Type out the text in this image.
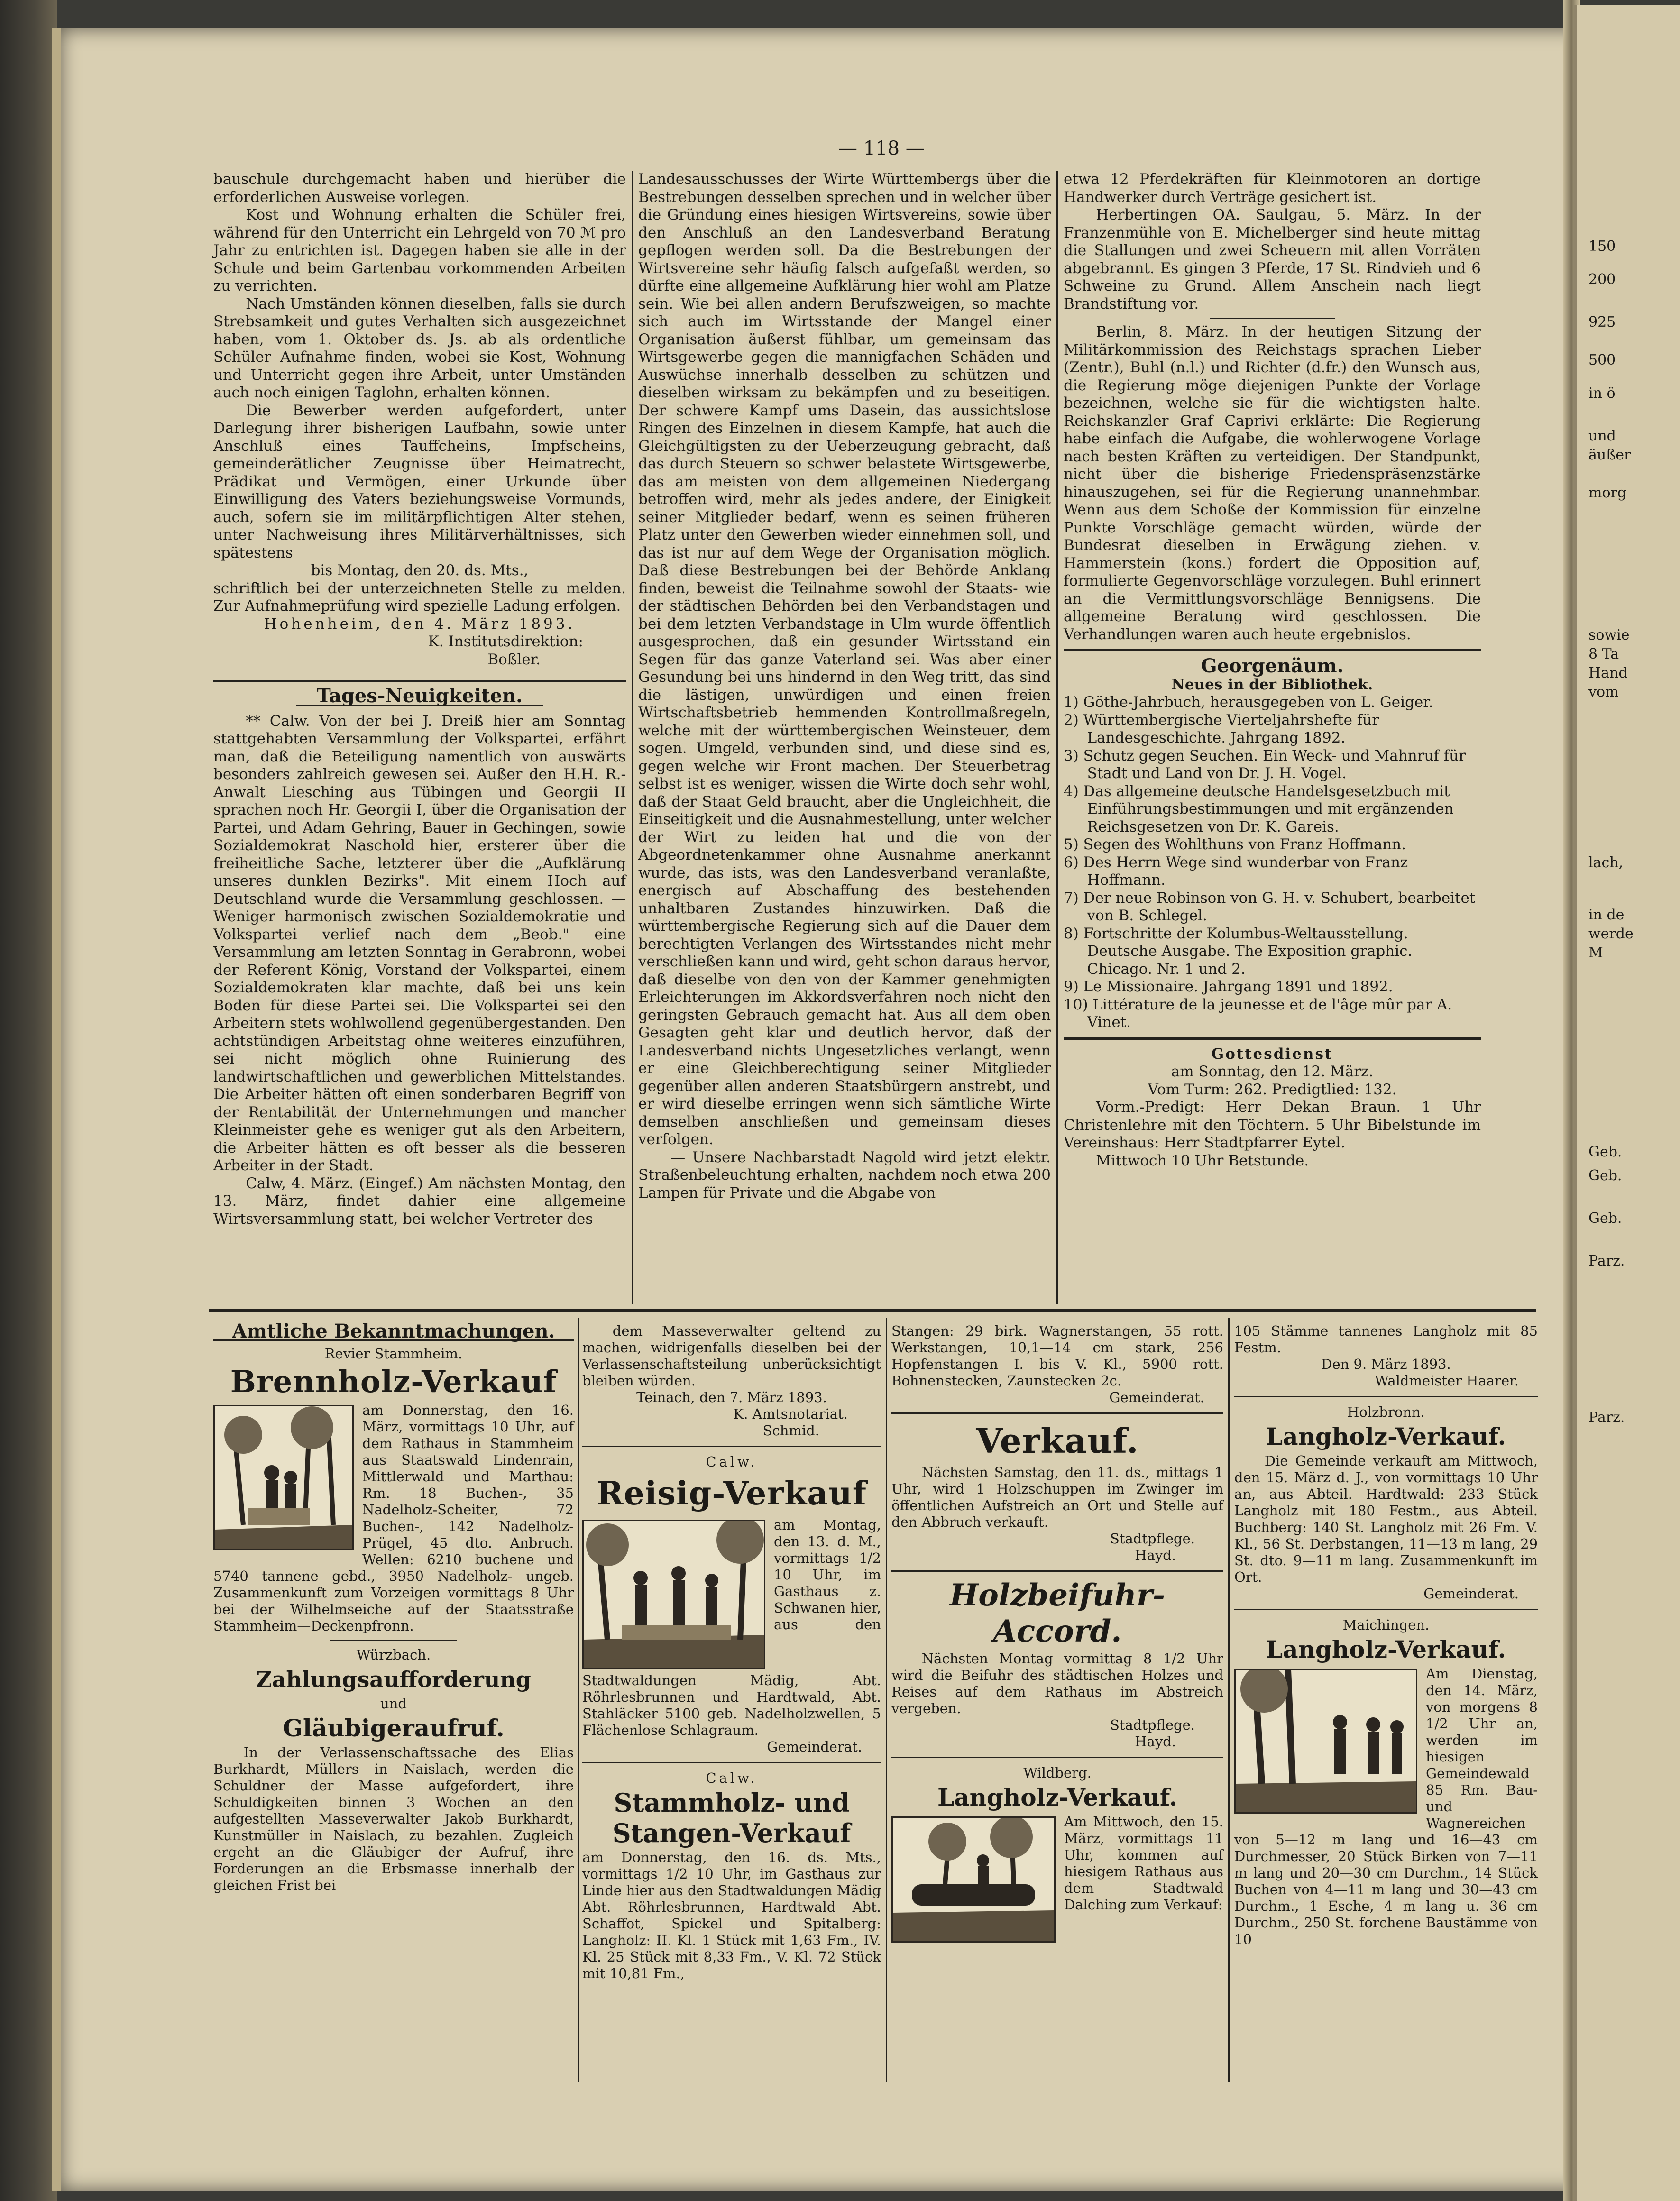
— 118 —

bauschule durchgemacht haben und hierüber die erforderlichen Ausweise vorlegen.

Kost und Wohnung erhalten die Schüler frei, während für den Unterricht ein Lehrgeld von 70 ℳ pro Jahr zu entrichten ist. Dagegen haben sie alle in der Schule und beim Gartenbau vorkommenden Arbeiten zu verrichten.

Nach Umständen können dieselben, falls sie durch Strebsamkeit und gutes Verhalten sich ausgezeichnet haben, vom 1. Oktober ds. Js. ab als ordentliche Schüler Aufnahme finden, wobei sie Kost, Wohnung und Unterricht gegen ihre Arbeit, unter Umständen auch noch einigen Taglohn, erhalten können.

Die Bewerber werden aufgefordert, unter Darlegung ihrer bisherigen Laufbahn, sowie unter Anschluß eines Tauffcheins, Impfscheins, gemeinderätlicher Zeugnisse über Heimatrecht, Prädikat und Vermögen, einer Urkunde über Einwilligung des Vaters beziehungsweise Vormunds, auch, sofern sie im militärpflichtigen Alter stehen, unter Nachweisung ihres Militärverhältnisses, sich spätestens

bis Montag, den 20. ds. Mts.,

schriftlich bei der unterzeichneten Stelle zu melden. Zur Aufnahmeprüfung wird spezielle Ladung erfolgen.

Hohenheim, den 4. März 1893.

K. Institutsdirektion:

Boßler.

Tages-Neuigkeiten.

** Calw. Von der bei J. Dreiß hier am Sonntag stattgehabten Versammlung der Volkspartei, erfährt man, daß die Beteiligung namentlich von auswärts besonders zahlreich gewesen sei. Außer den H.H. R.-Anwalt Liesching aus Tübingen und Georgii II sprachen noch Hr. Georgii I, über die Organisation der Partei, und Adam Gehring, Bauer in Gechingen, sowie Sozialdemokrat Naschold hier, ersterer über die freiheitliche Sache, letzterer über die „Aufklärung unseres dunklen Bezirks". Mit einem Hoch auf Deutschland wurde die Versammlung geschlossen. — Weniger harmonisch zwischen Sozialdemokratie und Volkspartei verlief nach dem „Beob." eine Versammlung am letzten Sonntag in Gerabronn, wobei der Referent König, Vorstand der Volkspartei, einem Sozialdemokraten klar machte, daß bei uns kein Boden für diese Partei sei. Die Volkspartei sei den Arbeitern stets wohlwollend gegenübergestanden. Den achtstündigen Arbeitstag ohne weiteres einzuführen, sei nicht möglich ohne Ruinierung des landwirtschaftlichen und gewerblichen Mittelstandes. Die Arbeiter hätten oft einen sonderbaren Begriff von der Rentabilität der Unternehmungen und mancher Kleinmeister gehe es weniger gut als den Arbeitern, die Arbeiter hätten es oft besser als die besseren Arbeiter in der Stadt.

Calw, 4. März. (Eingef.) Am nächsten Montag, den 13. März, findet dahier eine allgemeine Wirtsversammlung statt, bei welcher Vertreter des

Landesausschusses der Wirte Württembergs über die Bestrebungen desselben sprechen und in welcher über die Gründung eines hiesigen Wirtsvereins, sowie über den Anschluß an den Landesverband Beratung gepflogen werden soll. Da die Bestrebungen der Wirtsvereine sehr häufig falsch aufgefaßt werden, so dürfte eine allgemeine Aufklärung hier wohl am Platze sein. Wie bei allen andern Berufszweigen, so machte sich auch im Wirtsstande der Mangel einer Organisation äußerst fühlbar, um gemeinsam das Wirtsgewerbe gegen die mannigfachen Schäden und Auswüchse innerhalb desselben zu schützen und dieselben wirksam zu bekämpfen und zu beseitigen. Der schwere Kampf ums Dasein, das aussichtslose Ringen des Einzelnen in diesem Kampfe, hat auch die Gleichgültigsten zu der Ueberzeugung gebracht, daß das durch Steuern so schwer belastete Wirtsgewerbe, das am meisten von dem allgemeinen Niedergang betroffen wird, mehr als jedes andere, der Einigkeit seiner Mitglieder bedarf, wenn es seinen früheren Platz unter den Gewerben wieder einnehmen soll, und das ist nur auf dem Wege der Organisation möglich. Daß diese Bestrebungen bei der Behörde Anklang finden, beweist die Teilnahme sowohl der Staats- wie der städtischen Behörden bei den Verbandstagen und bei dem letzten Verbandstage in Ulm wurde öffentlich ausgesprochen, daß ein gesunder Wirtsstand ein Segen für das ganze Vaterland sei. Was aber einer Gesundung bei uns hindernd in den Weg tritt, das sind die lästigen, unwürdigen und einen freien Wirtschaftsbetrieb hemmenden Kontrollmaßregeln, welche mit der württembergischen Weinsteuer, dem sogen. Umgeld, verbunden sind, und diese sind es, gegen welche wir Front machen. Der Steuerbetrag selbst ist es weniger, wissen die Wirte doch sehr wohl, daß der Staat Geld braucht, aber die Ungleichheit, die Einseitigkeit und die Ausnahmestellung, unter welcher der Wirt zu leiden hat und die von der Abgeordnetenkammer ohne Ausnahme anerkannt wurde, das ists, was den Landesverband veranlaßte, energisch auf Abschaffung des bestehenden unhaltbaren Zustandes hinzuwirken. Daß die württembergische Regierung sich auf die Dauer dem berechtigten Verlangen des Wirtsstandes nicht mehr verschließen kann und wird, geht schon daraus hervor, daß dieselbe von den von der Kammer genehmigten Erleichterungen im Akkordsverfahren noch nicht den geringsten Gebrauch gemacht hat. Aus all dem oben Gesagten geht klar und deutlich hervor, daß der Landesverband nichts Ungesetzliches verlangt, wenn er eine Gleichberechtigung seiner Mitglieder gegenüber allen anderen Staatsbürgern anstrebt, und er wird dieselbe erringen wenn sich sämtliche Wirte demselben anschließen und gemeinsam dieses verfolgen.

— Unsere Nachbarstadt Nagold wird jetzt elektr. Straßenbeleuchtung erhalten, nachdem noch etwa 200 Lampen für Private und die Abgabe von

etwa 12 Pferdekräften für Kleinmotoren an dortige Handwerker durch Verträge gesichert ist.

Herbertingen OA. Saulgau, 5. März. In der Franzenmühle von E. Michelberger sind heute mittag die Stallungen und zwei Scheuern mit allen Vorräten abgebrannt. Es gingen 3 Pferde, 17 St. Rindvieh und 6 Schweine zu Grund. Allem Anschein nach liegt Brandstiftung vor.

Berlin, 8. März. In der heutigen Sitzung der Militärkommission des Reichstags sprachen Lieber (Zentr.), Buhl (n.l.) und Richter (d.fr.) den Wunsch aus, die Regierung möge diejenigen Punkte der Vorlage bezeichnen, welche sie für die wichtigsten halte. Reichskanzler Graf Caprivi erklärte: Die Regierung habe einfach die Aufgabe, die wohlerwogene Vorlage nach besten Kräften zu verteidigen. Der Standpunkt, nicht über die bisherige Friedenspräsenzstärke hinauszugehen, sei für die Regierung unannehmbar. Wenn aus dem Schoße der Kommission für einzelne Punkte Vorschläge gemacht würden, würde der Bundesrat dieselben in Erwägung ziehen. v. Hammerstein (kons.) fordert die Opposition auf, formulierte Gegenvorschläge vorzulegen. Buhl erinnert an die Vermittlungsvorschläge Bennigsens. Die allgemeine Beratung wird geschlossen. Die Verhandlungen waren auch heute ergebnislos.

Georgenäum.
Neues in der Bibliothek.

1) Göthe-Jahrbuch, herausgegeben von L. Geiger.

2) Württembergische Vierteljahrshefte für Landesgeschichte. Jahrgang 1892.

3) Schutz gegen Seuchen. Ein Weck- und Mahnruf für Stadt und Land von Dr. J. H. Vogel.

4) Das allgemeine deutsche Handelsgesetzbuch mit Einführungsbestimmungen und mit ergänzenden Reichsgesetzen von Dr. K. Gareis.

5) Segen des Wohlthuns von Franz Hoffmann.

6) Des Herrn Wege sind wunderbar von Franz Hoffmann.

7) Der neue Robinson von G. H. v. Schubert, bearbeitet von B. Schlegel.

8) Fortschritte der Kolumbus-Weltausstellung. Deutsche Ausgabe. The Exposition graphic. Chicago. Nr. 1 und 2.

9) Le Missionaire. Jahrgang 1891 und 1892.

10) Littérature de la jeunesse et de l'âge mûr par A. Vinet.

Gottesdienst
am Sonntag, den 12. März.

Vom Turm: 262. Predigtlied: 132.

Vorm.-Predigt: Herr Dekan Braun. 1 Uhr Christenlehre mit den Töchtern. 5 Uhr Bibelstunde im Vereinshaus: Herr Stadtpfarrer Eytel.

Mittwoch 10 Uhr Betstunde.

Amtliche Bekanntmachungen.
Revier Stammheim.
Brennholz-Verkauf

am Donnerstag, den 16. März, vormittags 10 Uhr, auf dem Rathaus in Stammheim aus Staatswald Lindenrain, Mittlerwald und Marthau: Rm. 18 Buchen-, 35 Nadelholz-Scheiter, 72 Buchen-, 142 Nadelholz-Prügel, 45 dto. Anbruch. Wellen: 6210 buchene und 5740 tannene gebd., 3950 Nadelholz- ungeb. Zusammenkunft zum Vorzeigen vormittags 8 Uhr bei der Wilhelmseiche auf der Staatsstraße Stammheim—Deckenpfronn.

Würzbach.
Zahlungsaufforderung
und
Gläubigeraufruf.

In der Verlassenschaftssache des Elias Burkhardt, Müllers in Naislach, werden die Schuldner der Masse aufgefordert, ihre Schuldigkeiten binnen 3 Wochen an den aufgestellten Masseverwalter Jakob Burkhardt, Kunstmüller in Naislach, zu bezahlen. Zugleich ergeht an die Gläubiger der Aufruf, ihre Forderungen an die Erbsmasse innerhalb der gleichen Frist bei

dem Masseverwalter geltend zu machen, widrigenfalls dieselben bei der Verlassenschaftsteilung unberücksichtigt bleiben würden.

Teinach, den 7. März 1893.

K. Amtsnotariat.

Schmid.

Calw.
Reisig-Verkauf

am Montag, den 13. d. M., vormittags 1/2 10 Uhr, im Gasthaus z. Schwanen hier, aus den Stadtwaldungen Mädig, Abt. Röhrlesbrunnen und Hardtwald, Abt. Stahläcker 5100 geb. Nadelholzwellen, 5 Flächenlose Schlagraum.

Gemeinderat.

Calw.
Stammholz- und
Stangen-Verkauf

am Donnerstag, den 16. ds. Mts., vormittags 1/2 10 Uhr, im Gasthaus zur Linde hier aus den Stadtwaldungen Mädig Abt. Röhrlesbrunnen, Hardtwald Abt. Schaffot, Spickel und Spitalberg: Langholz: II. Kl. 1 Stück mit 1,63 Fm., IV. Kl. 25 Stück mit 8,33 Fm., V. Kl. 72 Stück mit 10,81 Fm.,

Stangen: 29 birk. Wagnerstangen, 55 rott. Werkstangen, 10,1—14 cm stark, 256 Hopfenstangen I. bis V. Kl., 5900 rott. Bohnenstecken, Zaunstecken 2c.

Gemeinderat.

Verkauf.

Nächsten Samstag, den 11. ds., mittags 1 Uhr, wird 1 Holzschuppen im Zwinger im öffentlichen Aufstreich an Ort und Stelle auf den Abbruch verkauft.

Stadtpflege.

Hayd.

Holzbeifuhr-
Accord.

Nächsten Montag vormittag 8 1/2 Uhr wird die Beifuhr des städtischen Holzes und Reises auf dem Rathaus im Abstreich vergeben.

Stadtpflege.

Hayd.

Wildberg.
Langholz-Verkauf.

Am Mittwoch, den 15. März, vormittags 11 Uhr, kommen auf hiesigem Rathaus aus dem Stadtwald Dalching zum Verkauf:

105 Stämme tannenes Langholz mit 85 Festm.

Den 9. März 1893.

Waldmeister Haarer.

Holzbronn.
Langholz-Verkauf.

Die Gemeinde verkauft am Mittwoch, den 15. März d. J., von vormittags 10 Uhr an, aus Abteil. Hardtwald: 233 Stück Langholz mit 180 Festm., aus Abteil. Buchberg: 140 St. Langholz mit 26 Fm. V. Kl., 56 St. Derbstangen, 11—13 m lang, 29 St. dto. 9—11 m lang. Zusammenkunft im Ort.

Gemeinderat.

Maichingen.
Langholz-Verkauf.

Am Dienstag, den 14. März, von morgens 8 1/2 Uhr an, werden im hiesigen Gemeindewald 85 Rm. Bau- und Wagnereichen von 5—12 m lang und 16—43 cm Durchmesser, 20 Stück Birken von 7—11 m lang und 20—30 cm Durchm., 14 Stück Buchen von 4—11 m lang und 30—43 cm Durchm., 1 Esche, 4 m lang u. 36 cm Durchm., 250 St. forchene Baustämme von 10

150
200
925
500
in ö
und
äußer
morg
sowie
8 Ta
Hand
vom
lach,
in de
werde
M
Geb.
Geb.
Geb.
Parz.
Parz.
